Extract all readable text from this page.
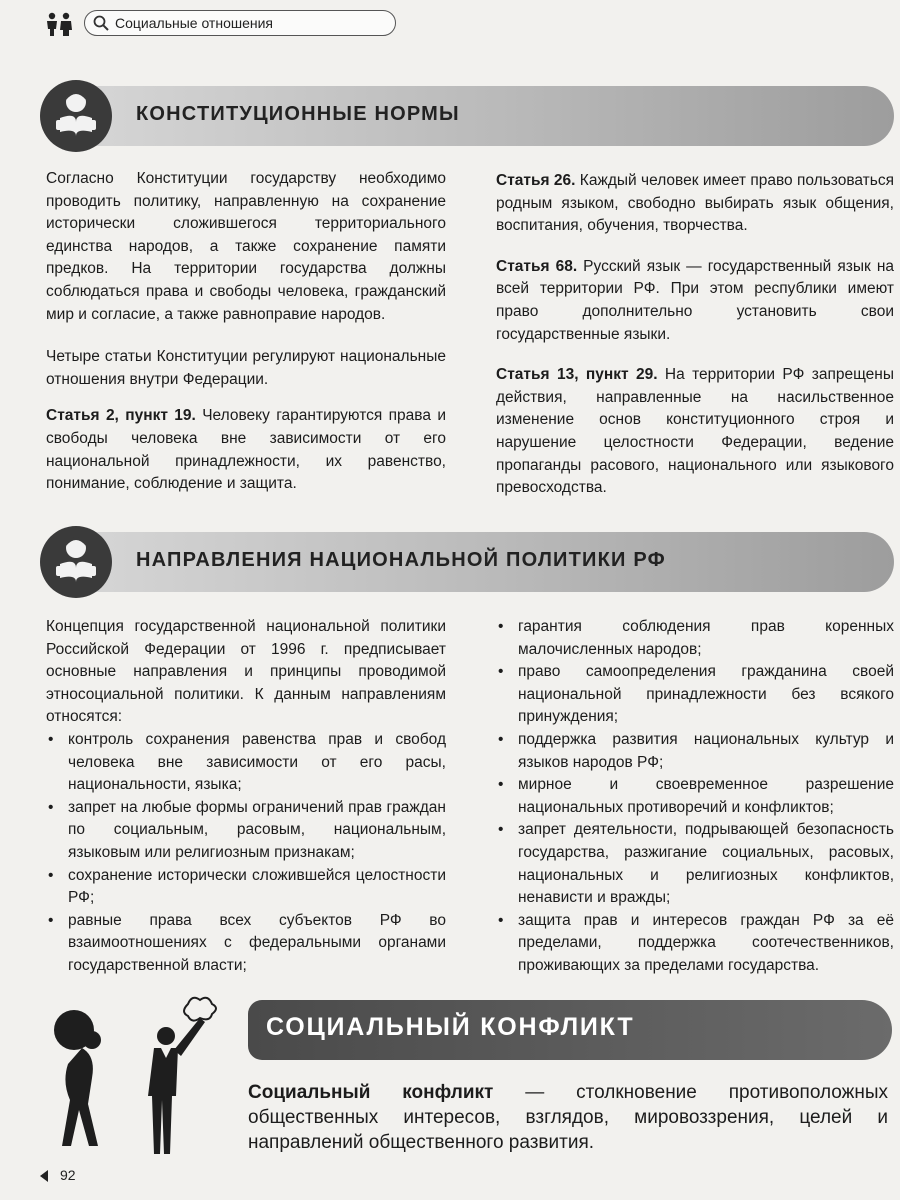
Социальные отношения
КОНСТИТУЦИОННЫЕ НОРМЫ

Согласно Конституции государству необходимо проводить политику, направленную на сохранение исторически сложившегося территориального единства народов, а также сохранение памяти предков. На территории государства должны соблюдаться права и свободы человека, гражданский мир и согласие, а также равноправие народов.

Четыре статьи Конституции регулируют национальные отношения внутри Федерации.

Статья 2, пункт 19. Человеку гарантируются права и свободы человека вне зависимости от его национальной принадлежности, их равенство, понимание, соблюдение и защита.

Статья 26. Каждый человек имеет право пользоваться родным языком, свободно выбирать язык общения, воспитания, обучения, творчества.

Статья 68. Русский язык — государственный язык на всей территории РФ. При этом республики имеют право дополнительно установить свои государственные языки.

Статья 13, пункт 29. На территории РФ запрещены действия, направленные на насильственное изменение основ конституционного строя и нарушение целостности Федерации, ведение пропаганды расового, национального или языкового превосходства.

НАПРАВЛЕНИЯ НАЦИОНАЛЬНОЙ ПОЛИТИКИ РФ

Концепция государственной национальной политики Российской Федерации от 1996 г. предписывает основные направления и принципы проводимой этносоциальной политики. К данным направлениям относятся:

• контроль сохранения равенства прав и свобод человека вне зависимости от его расы, национальности, языка;
• запрет на любые формы ограничений прав граждан по социальным, расовым, национальным, языковым или религиозным признакам;
• сохранение исторически сложившейся целостности РФ;
• равные права всех субъектов РФ во взаимоотношениях с федеральными органами государственной власти;
• гарантия соблюдения прав коренных малочисленных народов;
• право самоопределения гражданина своей национальной принадлежности без всякого принуждения;
• поддержка развития национальных культур и языков народов РФ;
• мирное и своевременное разрешение национальных противоречий и конфликтов;
• запрет деятельности, подрывающей безопасность государства, разжигание социальных, расовых, национальных и религиозных конфликтов, ненависти и вражды;
• защита прав и интересов граждан РФ за её пределами, поддержка соотечественников, проживающих за пределами государства.
СОЦИАЛЬНЫЙ КОНФЛИКТ
Социальный конфликт — столкновение противоположных общественных интересов, взглядов, мировоззрения, целей и направлений общественного развития.
92
